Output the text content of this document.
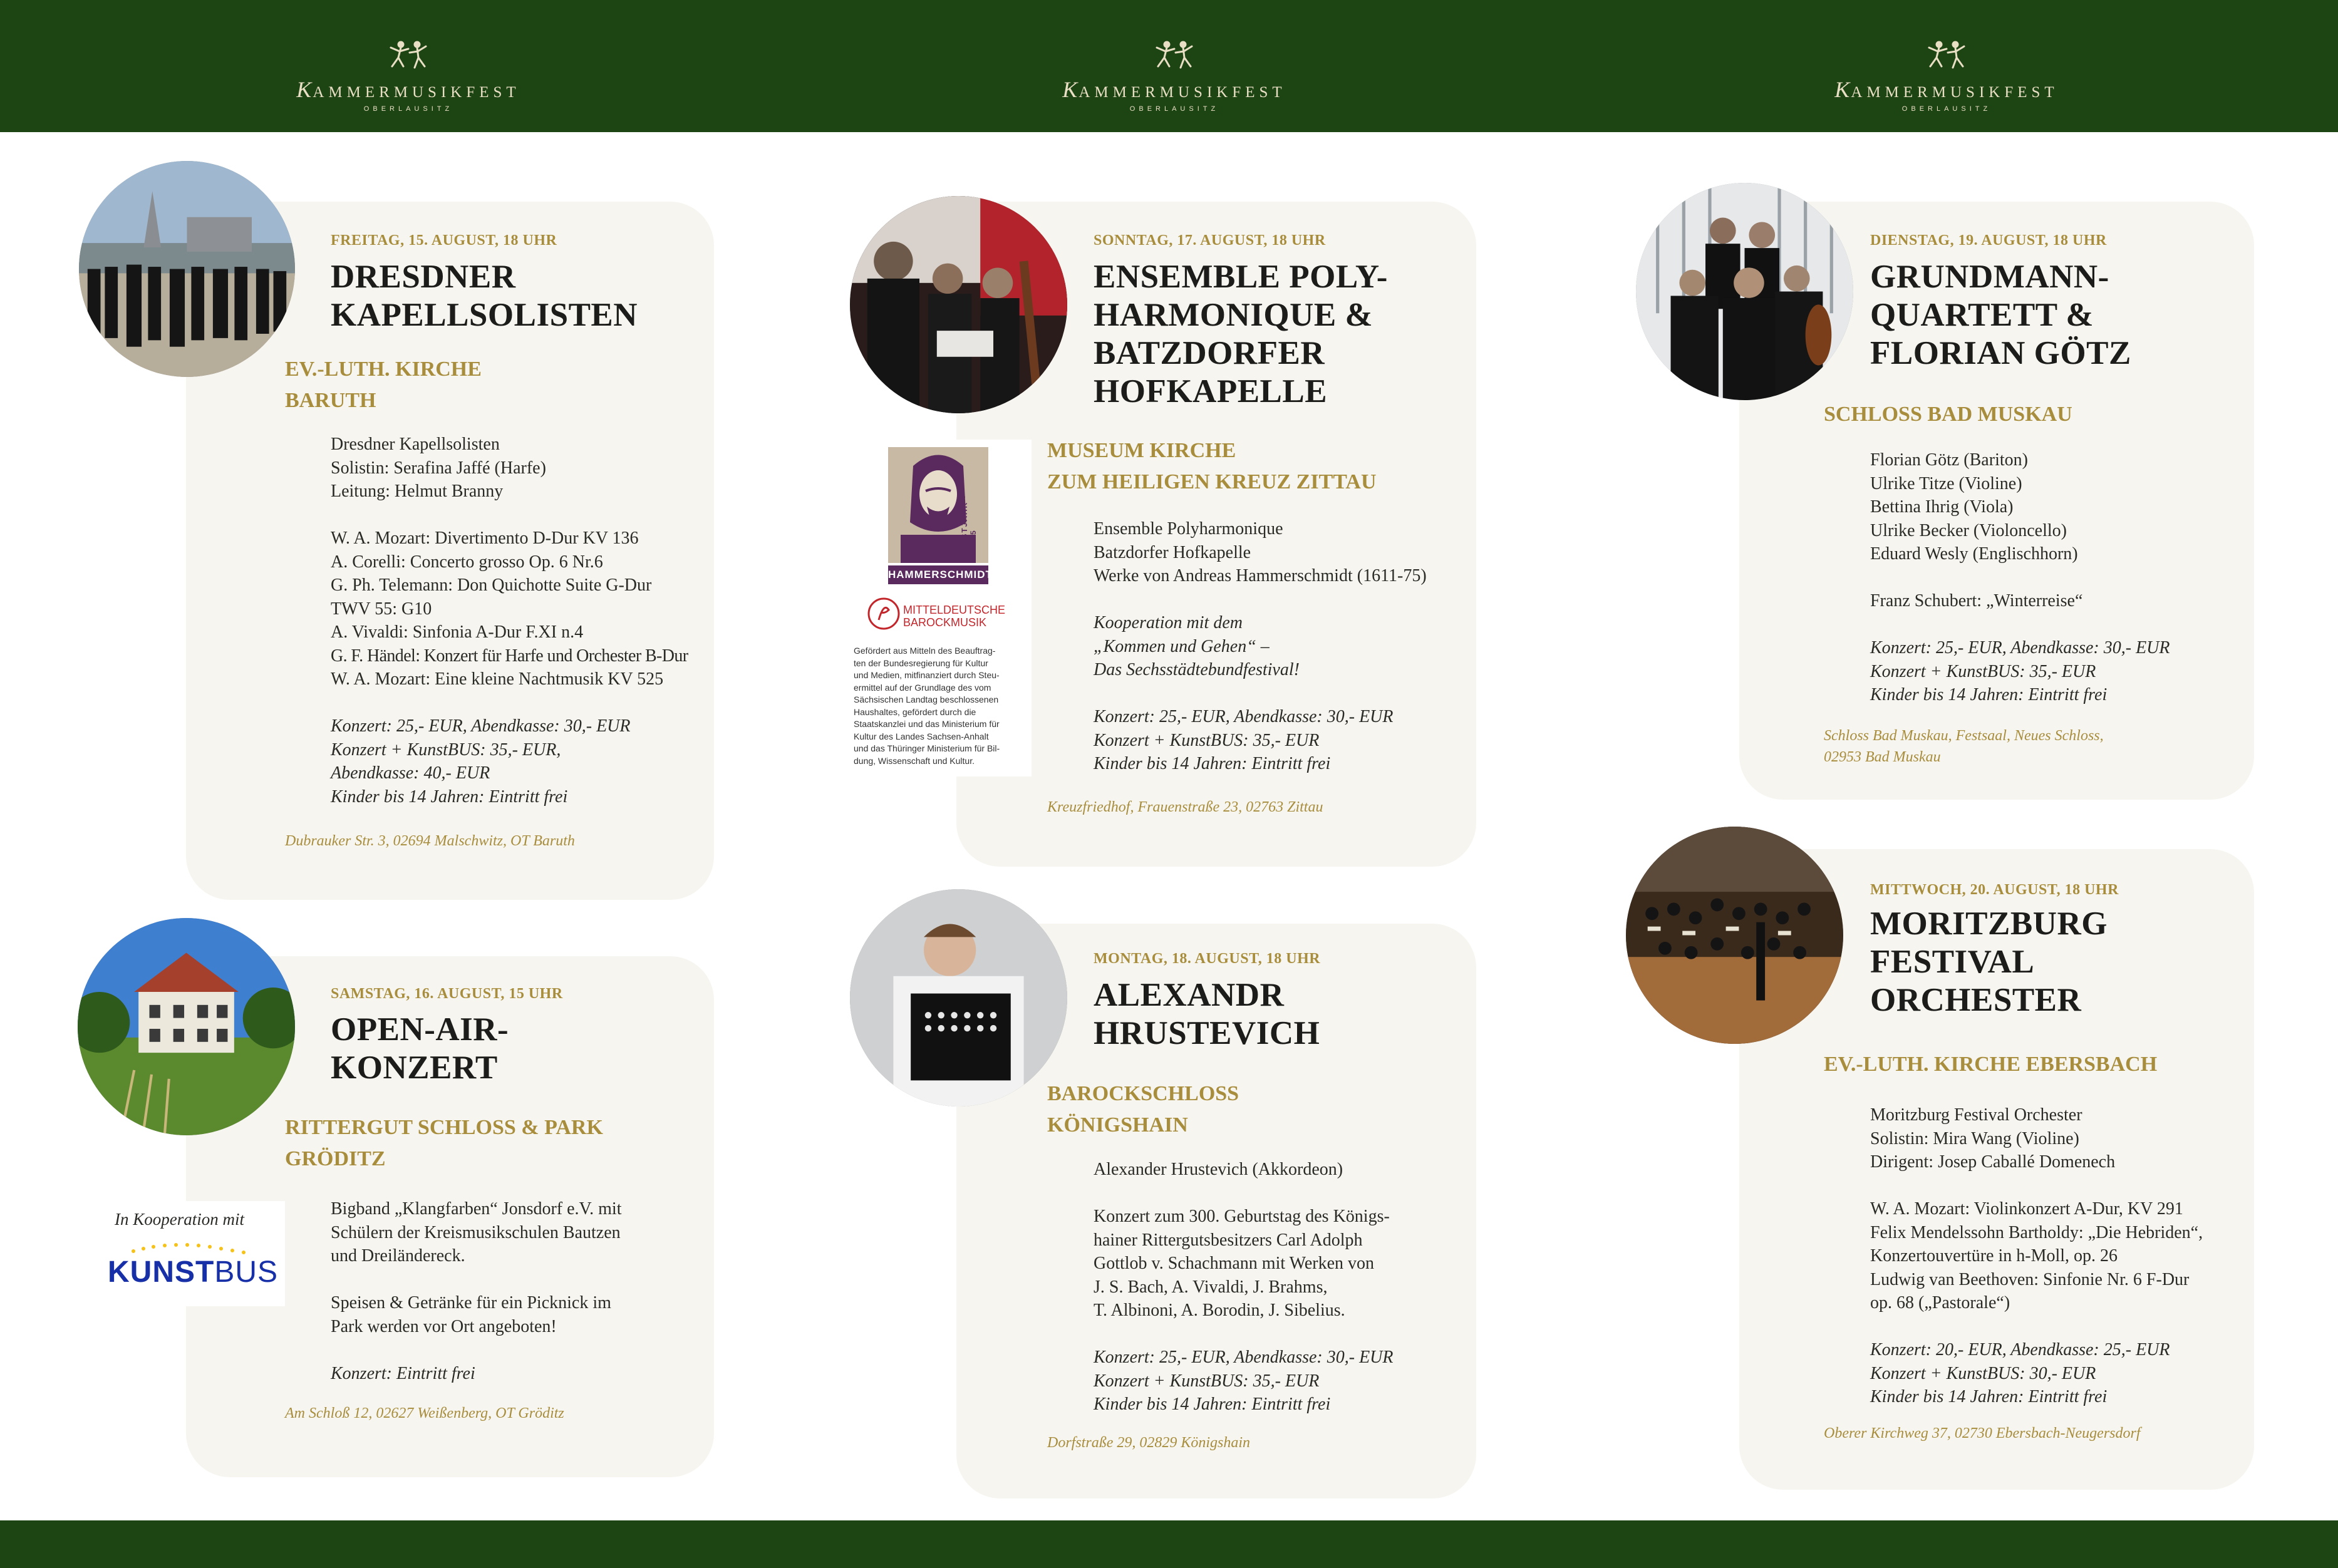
KAMMERMUSIKFEST
OBERLAUSITZ
KAMMERMUSIKFEST
OBERLAUSITZ
KAMMERMUSIKFEST
OBERLAUSITZ
FREITAG, 15. AUGUST, 18 UHR
DRESDNER
KAPELLSOLISTEN
EV.-LUTH. KIRCHE
BARUTH
Dresdner Kapellsolisten
Solistin: Serafina Jaffé (Harfe)
Leitung: Helmut Branny
W. A. Mozart: Divertimento D-Dur KV 136
A. Corelli: Concerto grosso Op. 6 Nr.6
G. Ph. Telemann: Don Quichotte Suite G-Dur
TWV 55: G10
A. Vivaldi: Sinfonia A-Dur F.XI n.4
G. F. Händel: Konzert für Harfe und Orchester B-Dur
W. A. Mozart: Eine kleine Nachtmusik KV 525
Konzert: 25,- EUR, Abendkasse: 30,- EUR
Konzert + KunstBUS: 35,- EUR,
Abendkasse: 40,- EUR
Kinder bis 14 Jahren: Eintritt frei
Dubrauker Str. 3, 02694 Malschwitz, OT Baruth
SONNTAG, 17. AUGUST, 18 UHR
ENSEMBLE POLY-
HARMONIQUE &
BATZDORFER
HOFKAPELLE
MUSEUM KIRCHE
ZUM HEILIGEN KREUZ ZITTAU
HAMMERSCHMIDT
FESTJAHR · 2025
MITTELDEUTSCHE
BAROCKMUSIK
Gefördert aus Mitteln des Beauftrag-
ten der Bundesregierung für Kultur
und Medien, mitfinanziert durch Steu-
ermittel auf der Grundlage des vom
Sächsischen Landtag beschlossenen
Haushaltes, gefördert durch die
Staatskanzlei und das Ministerium für
Kultur des Landes Sachsen-Anhalt
und das Thüringer Ministerium für Bil-
dung, Wissenschaft und Kultur.
Ensemble Polyharmonique
Batzdorfer Hofkapelle
Werke von Andreas Hammerschmidt (1611-75)
Kooperation mit dem
„Kommen und Gehen“ –
Das Sechsstädtebundfestival!
Konzert: 25,- EUR, Abendkasse: 30,- EUR
Konzert + KunstBUS: 35,- EUR
Kinder bis 14 Jahren: Eintritt frei
Kreuzfriedhof, Frauenstraße 23, 02763 Zittau
DIENSTAG, 19. AUGUST, 18 UHR
GRUNDMANN-
QUARTETT &
FLORIAN GÖTZ
SCHLOSS BAD MUSKAU
Florian Götz (Bariton)
Ulrike Titze (Violine)
Bettina Ihrig (Viola)
Ulrike Becker (Violoncello)
Eduard Wesly (Englischhorn)
Franz Schubert: „Winterreise“
Konzert: 25,- EUR, Abendkasse: 30,- EUR
Konzert + KunstBUS: 35,- EUR
Kinder bis 14 Jahren: Eintritt frei
Schloss Bad Muskau, Festsaal, Neues Schloss,
02953 Bad Muskau
SAMSTAG, 16. AUGUST, 15 UHR
OPEN-AIR-
KONZERT
RITTERGUT SCHLOSS & PARK
GRÖDITZ
In Kooperation mit
KUNSTBUS
Bigband „Klangfarben“ Jonsdorf e.V. mit
Schülern der Kreismusikschulen Bautzen
und Dreiländereck.
Speisen & Getränke für ein Picknick im
Park werden vor Ort angeboten!
Konzert: Eintritt frei
Am Schloß 12, 02627 Weißenberg, OT Gröditz
MONTAG, 18. AUGUST, 18 UHR
ALEXANDR
HRUSTEVICH
BAROCKSCHLOSS
KÖNIGSHAIN
Alexander Hrustevich (Akkordeon)
Konzert zum 300. Geburtstag des Königs-
hainer Rittergutsbesitzers Carl Adolph
Gottlob v. Schachmann mit Werken von
J. S. Bach, A. Vivaldi, J. Brahms,
T. Albinoni, A. Borodin, J. Sibelius.
Konzert: 25,- EUR, Abendkasse: 30,- EUR
Konzert + KunstBUS: 35,- EUR
Kinder bis 14 Jahren: Eintritt frei
Dorfstraße 29, 02829 Königshain
MITTWOCH, 20. AUGUST, 18 UHR
MORITZBURG
FESTIVAL
ORCHESTER
EV.-LUTH. KIRCHE EBERSBACH
Moritzburg Festival Orchester
Solistin: Mira Wang (Violine)
Dirigent: Josep Caballé Domenech
W. A. Mozart: Violinkonzert A-Dur, KV 291
Felix Mendelssohn Bartholdy: „Die Hebriden“,
Konzertouvertüre in h-Moll, op. 26
Ludwig van Beethoven: Sinfonie Nr. 6 F-Dur
op. 68 („Pastorale“)
Konzert: 20,- EUR, Abendkasse: 25,- EUR
Konzert + KunstBUS: 30,- EUR
Kinder bis 14 Jahren: Eintritt frei
Oberer Kirchweg 37, 02730 Ebersbach-Neugersdorf
